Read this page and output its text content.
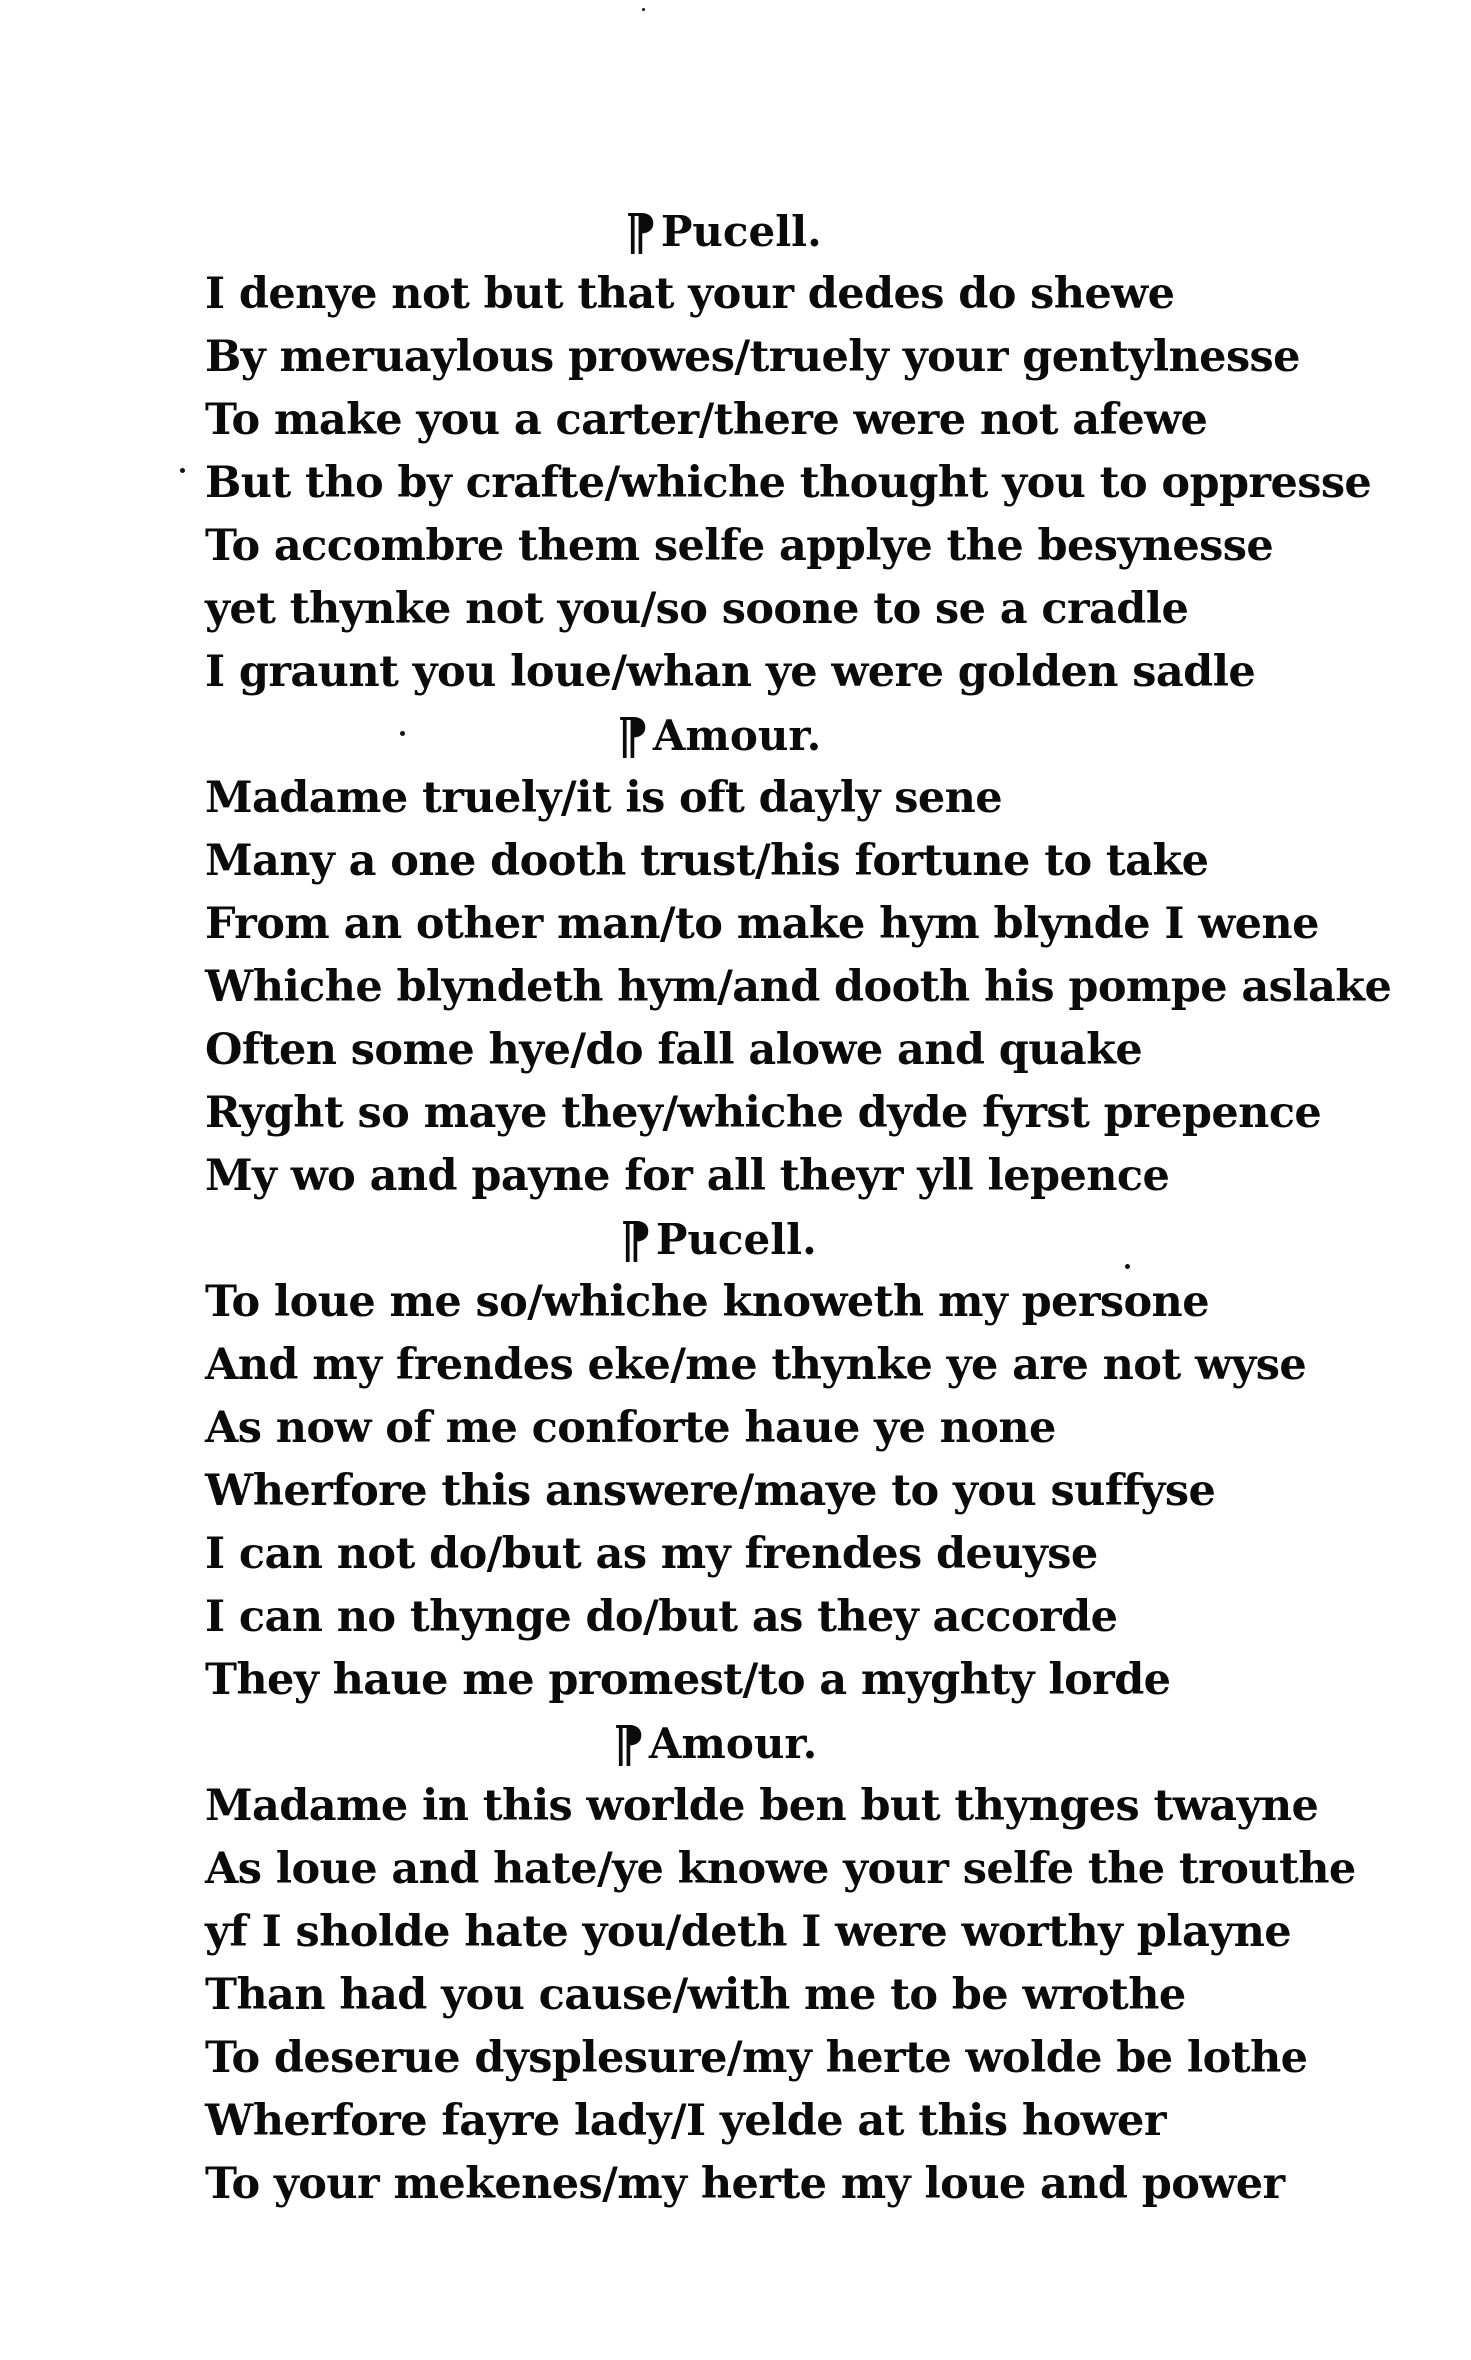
¶Pucell.
I denye not but that your dedes do shewe
By meruaylous prowes/truely your gentylnesse
To make you a carter/there were not afewe
But tho by crafte/whiche thought you to oppresse
To accombre them selfe applye the besynesse
yet thynke not you/so soone to se a cradle
I graunt you loue/whan ye were golden sadle
¶Amour.
Madame truely/it is oft dayly sene
Many a one dooth trust/his fortune to take
From an other man/to make hym blynde I wene
Whiche blyndeth hym/and dooth his pompe aslake
Often some hye/do fall alowe and quake
Ryght so maye they/whiche dyde fyrst prepence
My wo and payne for all theyr yll lepence
¶Pucell.
To loue me so/whiche knoweth my persone
And my frendes eke/me thynke ye are not wyse
As now of me conforte haue ye none
Wherfore this answere/maye to you suffyse
I can not do/but as my frendes deuyse
I can no thynge do/but as they accorde
They haue me promest/to a myghty lorde
¶Amour.
Madame in this worlde ben but thynges twayne
As loue and hate/ye knowe your selfe the trouthe
yf I sholde hate you/deth I were worthy playne
Than had you cause/with me to be wrothe
To deserue dysplesure/my herte wolde be lothe
Wherfore fayre lady/I yelde at this hower
To your mekenes/my herte my loue and power
